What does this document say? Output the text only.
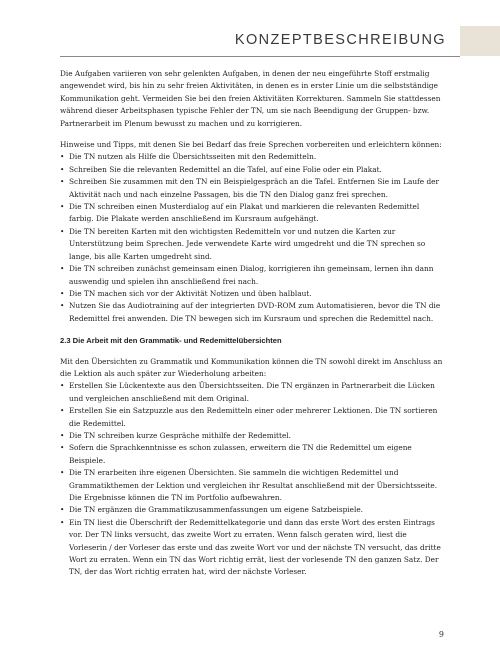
KONZEPTBESCHREIBUNG

Die Aufgaben variieren von sehr gelenkten Aufgaben, in denen der neu eingeführte Stoff erstmalig angewendet wird, bis hin zu sehr freien Aktivitäten, in denen es in erster Linie um die selbstständige Kommunikation geht. Vermeiden Sie bei den freien Aktivitäten Korrekturen. Sammeln Sie stattdessen während dieser Arbeitsphasen typische Fehler der TN, um sie nach Beendigung der Gruppen- bzw. Partnerarbeit im Plenum bewusst zu machen und zu korrigieren.

Hinweise und Tipps, mit denen Sie bei Bedarf das freie Sprechen vorbereiten und erleichtern können:

• Die TN nutzen als Hilfe die Übersichtsseiten mit den Redemitteln.
• Schreiben Sie die relevanten Redemittel an die Tafel, auf eine Folie oder ein Plakat.
• Schreiben Sie zusammen mit den TN ein Beispielgespräch an die Tafel. Entfernen Sie im Laufe der Aktivität nach und nach einzelne Passagen, bis die TN den Dialog ganz frei sprechen.
• Die TN schreiben einen Musterdialog auf ein Plakat und markieren die relevanten Redemittel farbig. Die Plakate werden anschließend im Kursraum aufgehängt.
• Die TN bereiten Karten mit den wichtigsten Redemitteln vor und nutzen die Karten zur Unterstützung beim Sprechen. Jede verwendete Karte wird umgedreht und die TN sprechen so lange, bis alle Karten umgedreht sind.
• Die TN schreiben zunächst gemeinsam einen Dialog, korrigieren ihn gemeinsam, lernen ihn dann auswendig und spielen ihn anschließend frei nach.
• Die TN machen sich vor der Aktivität Notizen und üben halblaut.
• Nutzen Sie das Audiotraining auf der integrierten DVD-ROM zum Automatisieren, bevor die TN die Redemittel frei anwenden. Die TN bewegen sich im Kursraum und sprechen die Redemittel nach.

2.3 Die Arbeit mit den Grammatik- und Redemittelübersichten

Mit den Übersichten zu Grammatik und Kommunikation können die TN sowohl direkt im Anschluss an die Lektion als auch später zur Wiederholung arbeiten:

• Erstellen Sie Lückentexte aus den Übersichtsseiten. Die TN ergänzen in Partnerarbeit die Lücken und vergleichen anschließend mit dem Original.
• Erstellen Sie ein Satzpuzzle aus den Redemitteln einer oder mehrerer Lektionen. Die TN sortieren die Redemittel.
• Die TN schreiben kurze Gespräche mithilfe der Redemittel.
• Sofern die Sprachkenntnisse es schon zulassen, erweitern die TN die Redemittel um eigene Beispiele.
• Die TN erarbeiten ihre eigenen Übersichten. Sie sammeln die wichtigen Redemittel und Grammatikthemen der Lektion und vergleichen ihr Resultat anschließend mit der Übersichtsseite. Die Ergebnisse können die TN im Portfolio aufbewahren.
• Die TN ergänzen die Grammatikzusammenfassungen um eigene Satzbeispiele.
• Ein TN liest die Überschrift der Redemittelkategorie und dann das erste Wort des ersten Eintrags vor. Der TN links versucht, das zweite Wort zu erraten. Wenn falsch geraten wird, liest die Vorleserin / der Vorleser das erste und das zweite Wort vor und der nächste TN versucht, das dritte Wort zu erraten. Wenn ein TN das Wort richtig errät, liest der vorlesende TN den ganzen Satz. Der TN, der das Wort richtig erraten hat, wird der nächste Vorleser.
9
